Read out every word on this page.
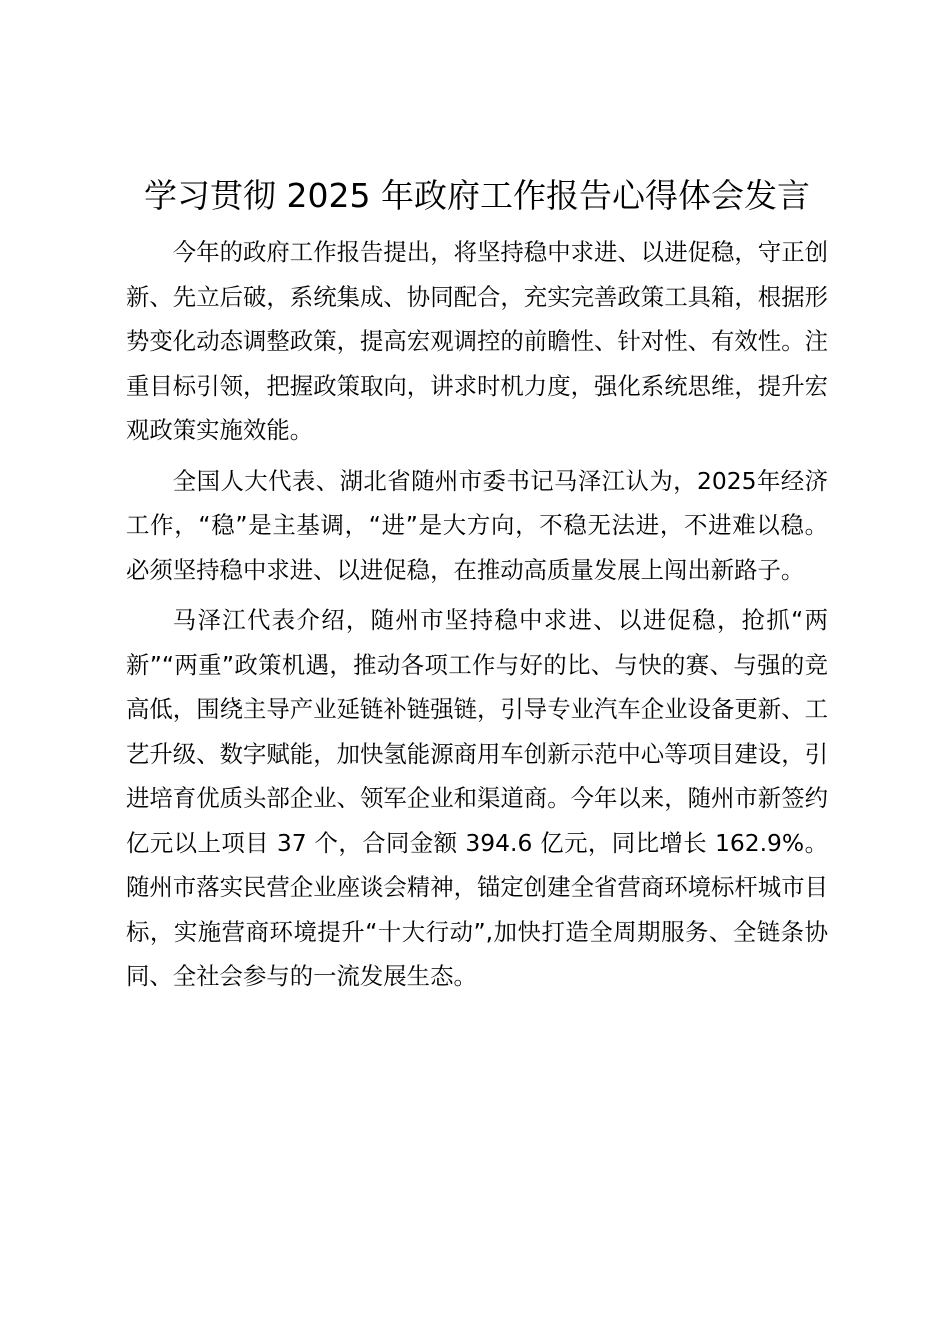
学习贯彻 2025 年政府工作报告心得体会发言

今年的政府工作报告提出，将坚持稳中求进、以进促稳，守正创新、先立后破，系统集成、协同配合，充实完善政策工具箱，根据形势变化动态调整政策，提高宏观调控的前瞻性、针对性、有效性。注重目标引领，把握政策取向，讲求时机力度，强化系统思维，提升宏观政策实施效能。

全国人大代表、湖北省随州市委书记马泽江认为，2025年经济工作，“稳”是主基调，“进”是大方向，不稳无法进，不进难以稳。必须坚持稳中求进、以进促稳，在推动高质量发展上闯出新路子。

马泽江代表介绍，随州市坚持稳中求进、以进促稳，抢抓“两新”“两重”政策机遇，推动各项工作与好的比、与快的赛、与强的竞高低，围绕主导产业延链补链强链，引导专业汽车企业设备更新、工艺升级、数字赋能，加快氢能源商用车创新示范中心等项目建设，引进培育优质头部企业、领军企业和渠道商。今年以来，随州市新签约亿元以上项目 37 个，合同金额 394.6 亿元，同比增长 162.9%。随州市落实民营企业座谈会精神，锚定创建全省营商环境标杆城市目标，实施营商环境提升“十大行动”,加快打造全周期服务、全链条协同、全社会参与的一流发展生态。
